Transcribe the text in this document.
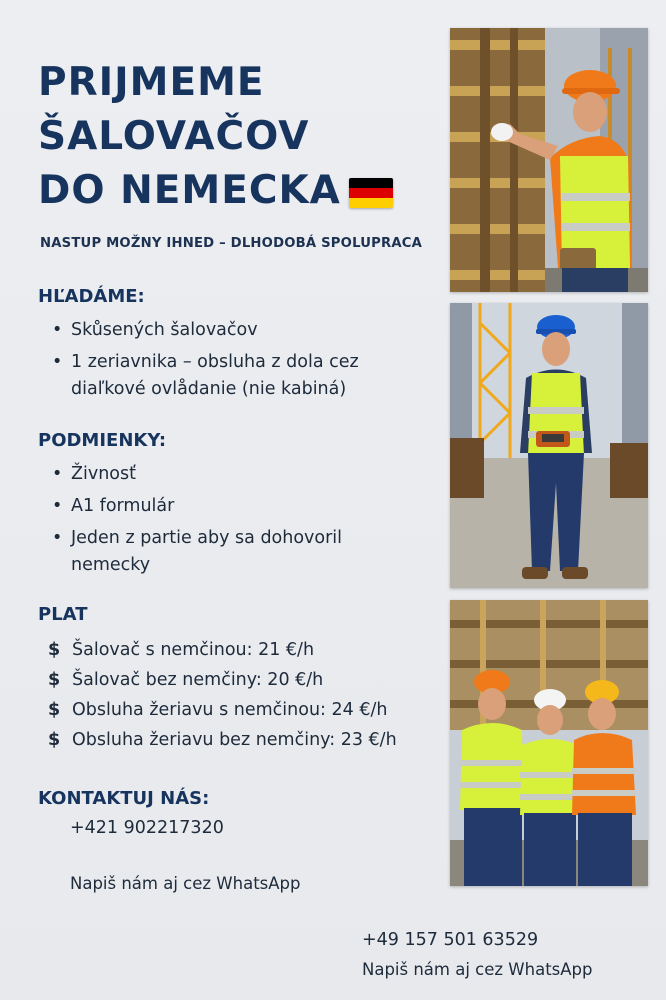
PRIJMEME
ŠALOVAČOV
DO NEMECKA
NASTUP MOŽNY IHNED – DLHODOBÁ SPOLUPRACA
HĽADÁME:
• Skůsených šalovačov
• 1 zeriavnika – obsluha z dola cez diaľkové ovlådanie (nie kabiná)
PODMIENKY:
• Živnosť
• A1 formulár
• Jeden z partie aby sa dohovoril nemecky
PLAT
$ Šalovač s nemčinou: 21 €/h
$ Šalovač bez nemčiny: 20 €/h
$ Obsluha žeriavu s nemčinou: 24 €/h
$ Obsluha žeriavu bez nemčiny: 23 €/h
KONTAKTUJ NÁS:
+421 902217320
Napiš nám aj cez WhatsApp
+49 157 501 63529
Napiš nám aj cez WhatsApp
